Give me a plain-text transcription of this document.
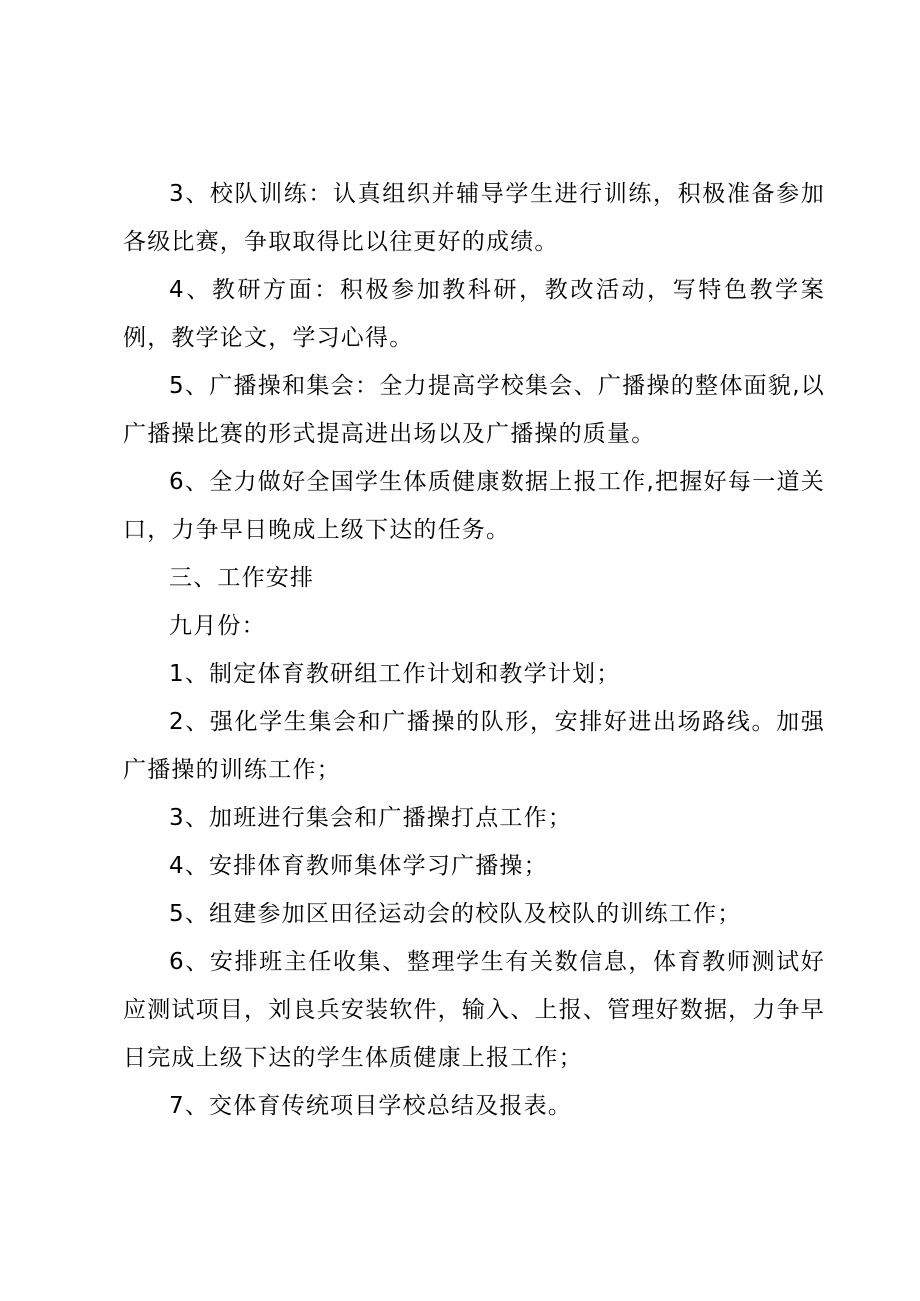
3、校队训练：认真组织并辅导学生进行训练，积极准备参加各级比赛，争取取得比以往更好的成绩。

4、教研方面：积极参加教科研，教改活动，写特色教学案例，教学论文，学习心得。

5、广播操和集会：全力提高学校集会、广播操的整体面貌,以广播操比赛的形式提高进出场以及广播操的质量。

6、全力做好全国学生体质健康数据上报工作,把握好每一道关口，力争早日晚成上级下达的任务。

三、工作安排

九月份：

1、制定体育教研组工作计划和教学计划；

2、强化学生集会和广播操的队形，安排好进出场路线。加强广播操的训练工作；

3、加班进行集会和广播操打点工作；

4、安排体育教师集体学习广播操；

5、组建参加区田径运动会的校队及校队的训练工作；

6、安排班主任收集、整理学生有关数信息，体育教师测试好应测试项目，刘良兵安装软件，输入、上报、管理好数据，力争早日完成上级下达的学生体质健康上报工作；

7、交体育传统项目学校总结及报表。
